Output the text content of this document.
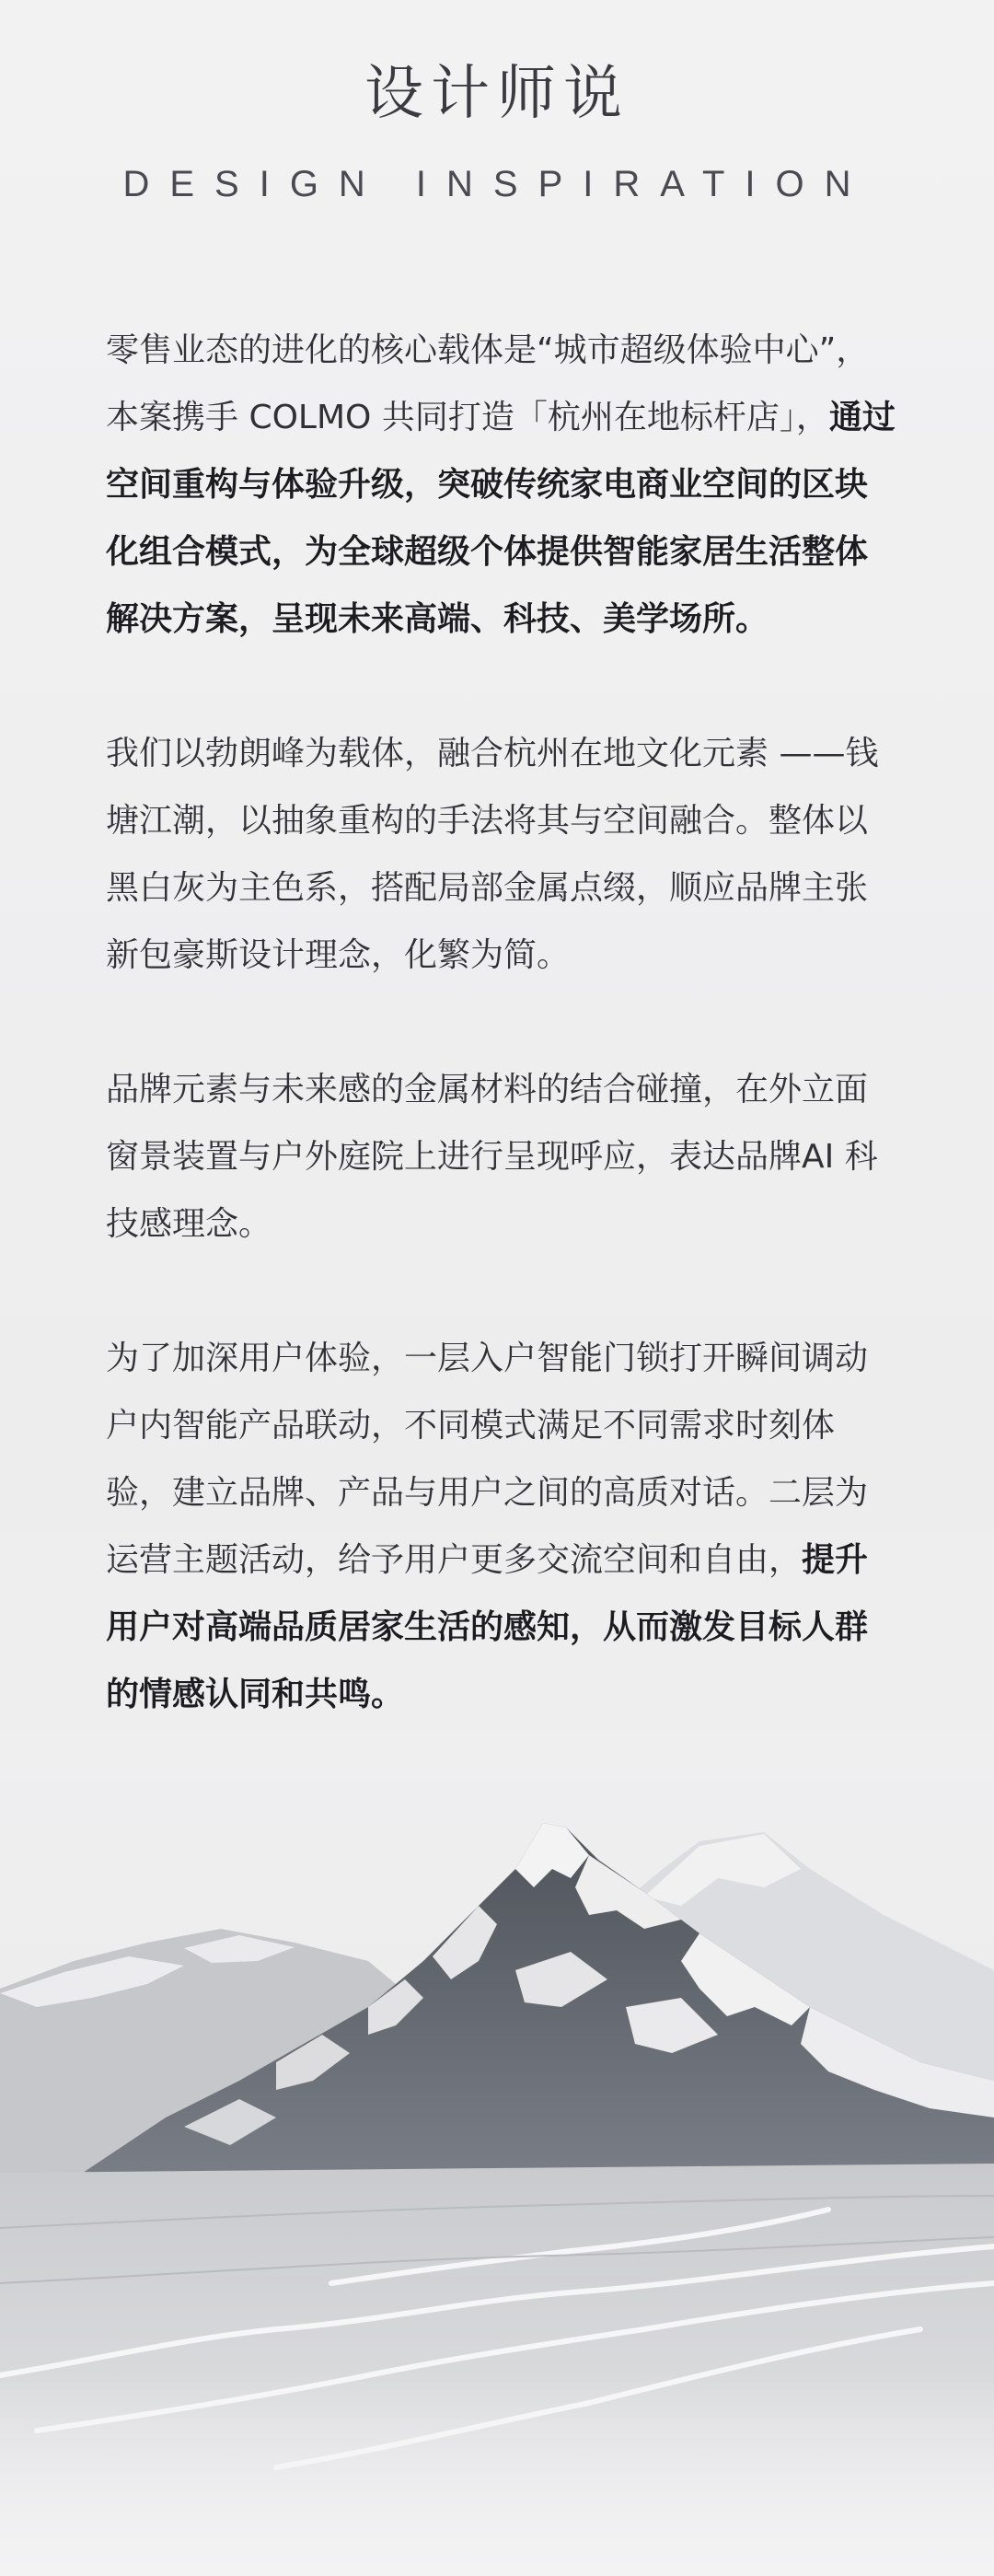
设计师说
DESIGN INSPIRATION

零售业态的进化的核心载体是“城市超级体验中心”，本案携手 COLMO 共同打造「杭州在地标杆店」，通过空间重构与体验升级，突破传统家电商业空间的区块化组合模式，为全球超级个体提供智能家居生活整体解决方案，呈现未来高端、科技、美学场所。

我们以勃朗峰为载体，融合杭州在地文化元素 ——钱塘江潮，以抽象重构的手法将其与空间融合。整体以黑白灰为主色系，搭配局部金属点缀，顺应品牌主张新包豪斯设计理念，化繁为简。

品牌元素与未来感的金属材料的结合碰撞，在外立面窗景装置与户外庭院上进行呈现呼应，表达品牌AI 科技感理念。

为了加深用户体验，一层入户智能门锁打开瞬间调动户内智能产品联动，不同模式满足不同需求时刻体验，建立品牌、产品与用户之间的高质对话。二层为运营主题活动，给予用户更多交流空间和自由，提升用户对高端品质居家生活的感知，从而激发目标人群的情感认同和共鸣。
